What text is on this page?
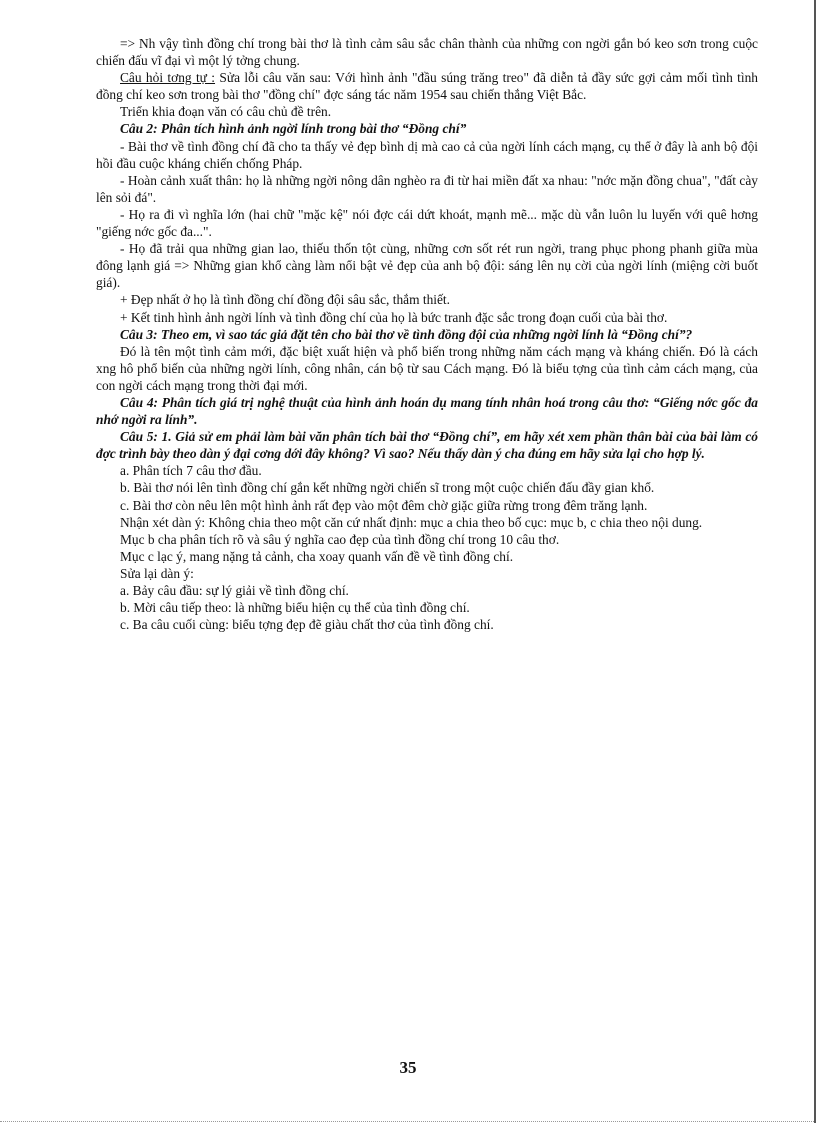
=> Nh vậy tình đồng chí trong bài thơ là tình cảm sâu sắc chân thành của những con ngời gắn bó keo sơn trong cuộc chiến đấu vĩ đại vì một lý tởng chung.

Câu hỏi tơng tự : Sửa lỗi câu văn sau: Với hình ảnh "đầu súng trăng treo" đã diễn tả đầy sức gợi cảm mối tình tình đồng chí keo sơn trong bài thơ "đồng chí" đợc sáng tác năm 1954 sau chiến thắng Việt Bắc.

Triển khia đoạn văn có câu chủ đề trên.

Câu 2: Phân tích hình ảnh ngời lính trong bài thơ “Đồng chí”

- Bài thơ về tình đồng chí đã cho ta thấy vẻ đẹp bình dị mà cao cả của ngời lính cách mạng, cụ thể ở đây là anh bộ đội hồi đầu cuộc kháng chiến chống Pháp.

- Hoàn cảnh xuất thân: họ là những ngời nông dân nghèo ra đi từ hai miền đất xa nhau: "nớc mặn đồng chua", "đất cày lên sỏi đá".

- Họ ra đi vì nghĩa lớn (hai chữ "mặc kệ" nói đợc cái dứt khoát, mạnh mẽ... mặc dù vẫn luôn lu luyến với quê hơng "giếng nớc gốc đa...".

- Họ đã trải qua những gian lao, thiếu thốn tột cùng, những cơn sốt rét run ngời, trang phục phong phanh giữa mùa đông lạnh giá => Những gian khổ càng làm nổi bật vẻ đẹp của anh bộ đội: sáng lên nụ cời của ngời lính (miệng cời buốt giá).

+ Đẹp nhất ở họ là tình đồng chí đồng đội sâu sắc, thắm thiết.

+ Kết tinh hình ảnh ngời lính và tình đồng chí của họ là bức tranh đặc sắc trong đoạn cuối của bài thơ.

Câu 3: Theo em, vì sao tác giả đặt tên cho bài thơ về tình đồng đội của những ngời lính là “Đồng chí”?

Đó là tên một tình cảm mới, đặc biệt xuất hiện và phổ biến trong những năm cách mạng và kháng chiến. Đó là cách xng hô phổ biến của những ngời lính, công nhân, cán bộ từ sau Cách mạng. Đó là biểu tợng của tình cảm cách mạng, của con ngời cách mạng trong thời đại mới.

Câu 4: Phân tích giá trị nghệ thuật của hình ảnh hoán dụ mang tính nhân hoá trong câu thơ: “Giếng nớc gốc đa nhớ ngời ra lính”.

Câu 5: 1. Giả sử em phải làm bài văn phân tích bài thơ “Đồng chí”, em hãy xét xem phần thân bài của bài làm có đợc trình bày theo dàn ý đại cơng dới đây không? Vì sao? Nếu thấy dàn ý cha đúng em hãy sửa lại cho hợp lý.

a. Phân tích 7 câu thơ đầu.

b. Bài thơ nói lên tình đồng chí gắn kết những ngời chiến sĩ trong một cuộc chiến đấu đầy gian khổ.

c. Bài thơ còn nêu lên một hình ảnh rất đẹp vào một đêm chờ giặc giữa rừng trong đêm trăng lạnh.

Nhận xét dàn ý: Không chia theo một căn cứ nhất định: mục a chia theo bố cục: mục b, c chia theo nội dung.

Mục b cha phân tích rõ và sâu ý nghĩa cao đẹp của tình đồng chí trong 10 câu thơ.

Mục c lạc ý, mang nặng tả cảnh, cha xoay quanh vấn đề về tình đồng chí.

Sửa lại dàn ý:

a. Bảy câu đầu: sự lý giải về tình đồng chí.

b. Mời câu tiếp theo: là những biểu hiện cụ thể của tình đồng chí.

c. Ba câu cuối cùng: biểu tợng đẹp đẽ giàu chất thơ của tình đồng chí.

35
